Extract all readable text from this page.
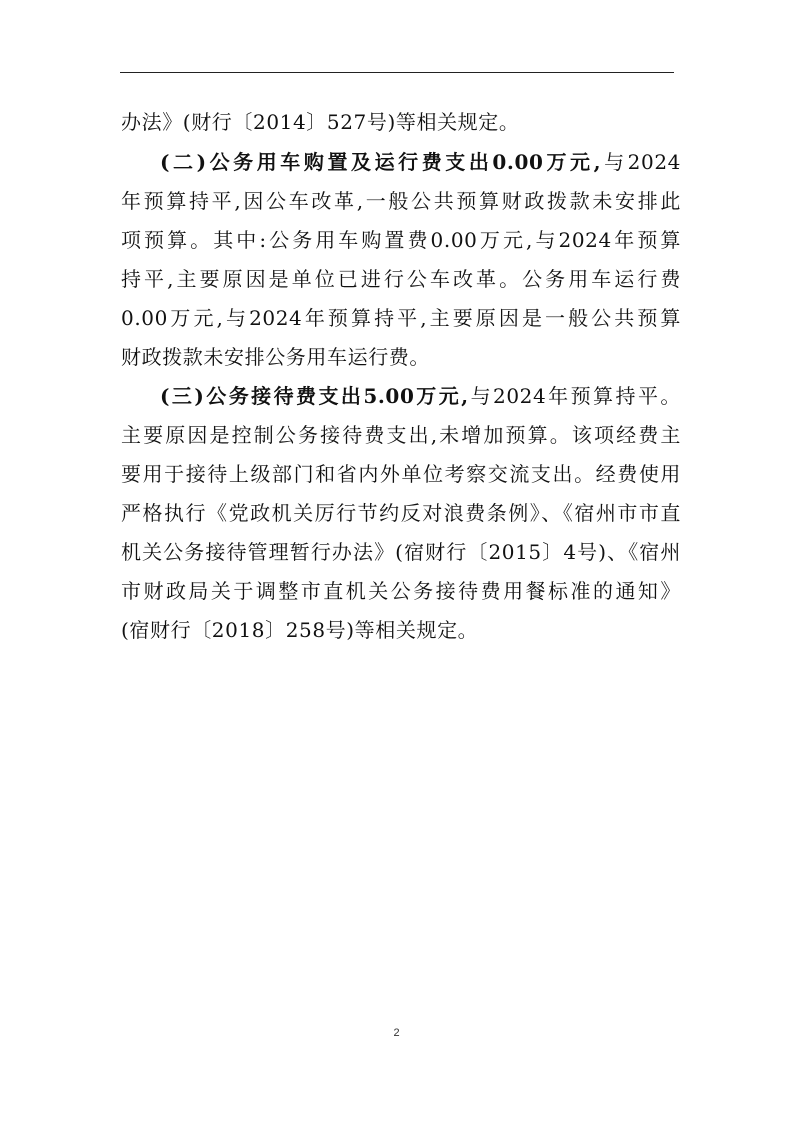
办法》(财行〔2014〕527号)等相关规定。
(二)公务用车购置及运行费支出0.00万元,与2024
年预算持平,因公车改革,一般公共预算财政拨款未安排此
项预算。其中:公务用车购置费0.00万元,与2024年预算
持平,主要原因是单位已进行公车改革。公务用车运行费
0.00万元,与2024年预算持平,主要原因是一般公共预算
财政拨款未安排公务用车运行费。
(三)公务接待费支出5.00万元,与2024年预算持平。
主要原因是控制公务接待费支出,未增加预算。该项经费主
要用于接待上级部门和省内外单位考察交流支出。经费使用
严格执行《党政机关厉行节约反对浪费条例》、《宿州市市直
机关公务接待管理暂行办法》(宿财行〔2015〕4号)、《宿州
市财政局关于调整市直机关公务接待费用餐标准的通知》
(宿财行〔2018〕258号)等相关规定。
2
